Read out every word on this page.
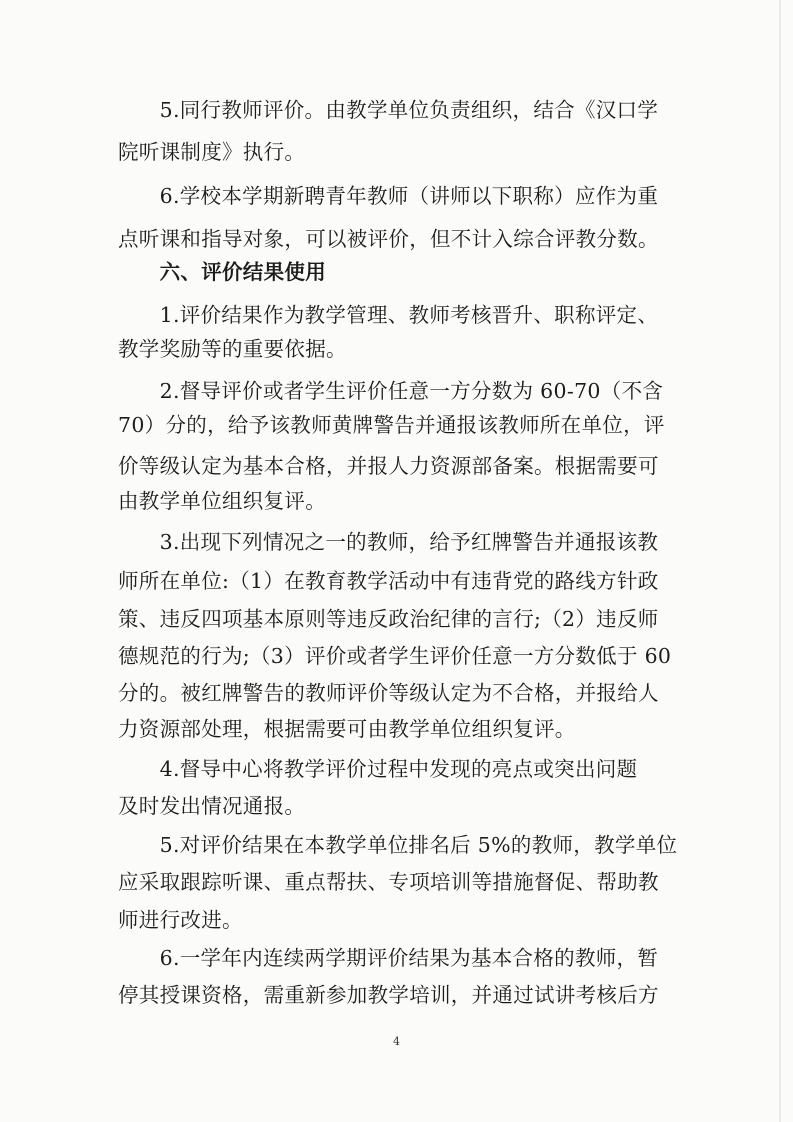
　　5.同行教师评价。由教学单位负责组织，结合《汉口学
院听课制度》执行。
　　6.学校本学期新聘青年教师（讲师以下职称）应作为重
点听课和指导对象，可以被评价，但不计入综合评教分数。
　　六、评价结果使用
　　1.评价结果作为教学管理、教师考核晋升、职称评定、
教学奖励等的重要依据。
　　2.督导评价或者学生评价任意一方分数为 60-70（不含
70）分的，给予该教师黄牌警告并通报该教师所在单位，评
价等级认定为基本合格，并报人力资源部备案。根据需要可
由教学单位组织复评。
　　3.出现下列情况之一的教师，给予红牌警告并通报该教
师所在单位:（1）在教育教学活动中有违背党的路线方针政
策、违反四项基本原则等违反政治纪律的言行;（2）违反师
德规范的行为;（3）评价或者学生评价任意一方分数低于 60
分的。被红牌警告的教师评价等级认定为不合格，并报给人
力资源部处理，根据需要可由教学单位组织复评。
　　4.督导中心将教学评价过程中发现的亮点或突出问题
及时发出情况通报。
　　5.对评价结果在本教学单位排名后 5%的教师，教学单位
应采取跟踪听课、重点帮扶、专项培训等措施督促、帮助教
师进行改进。
　　6.一学年内连续两学期评价结果为基本合格的教师，暂
停其授课资格，需重新参加教学培训，并通过试讲考核后方
4
